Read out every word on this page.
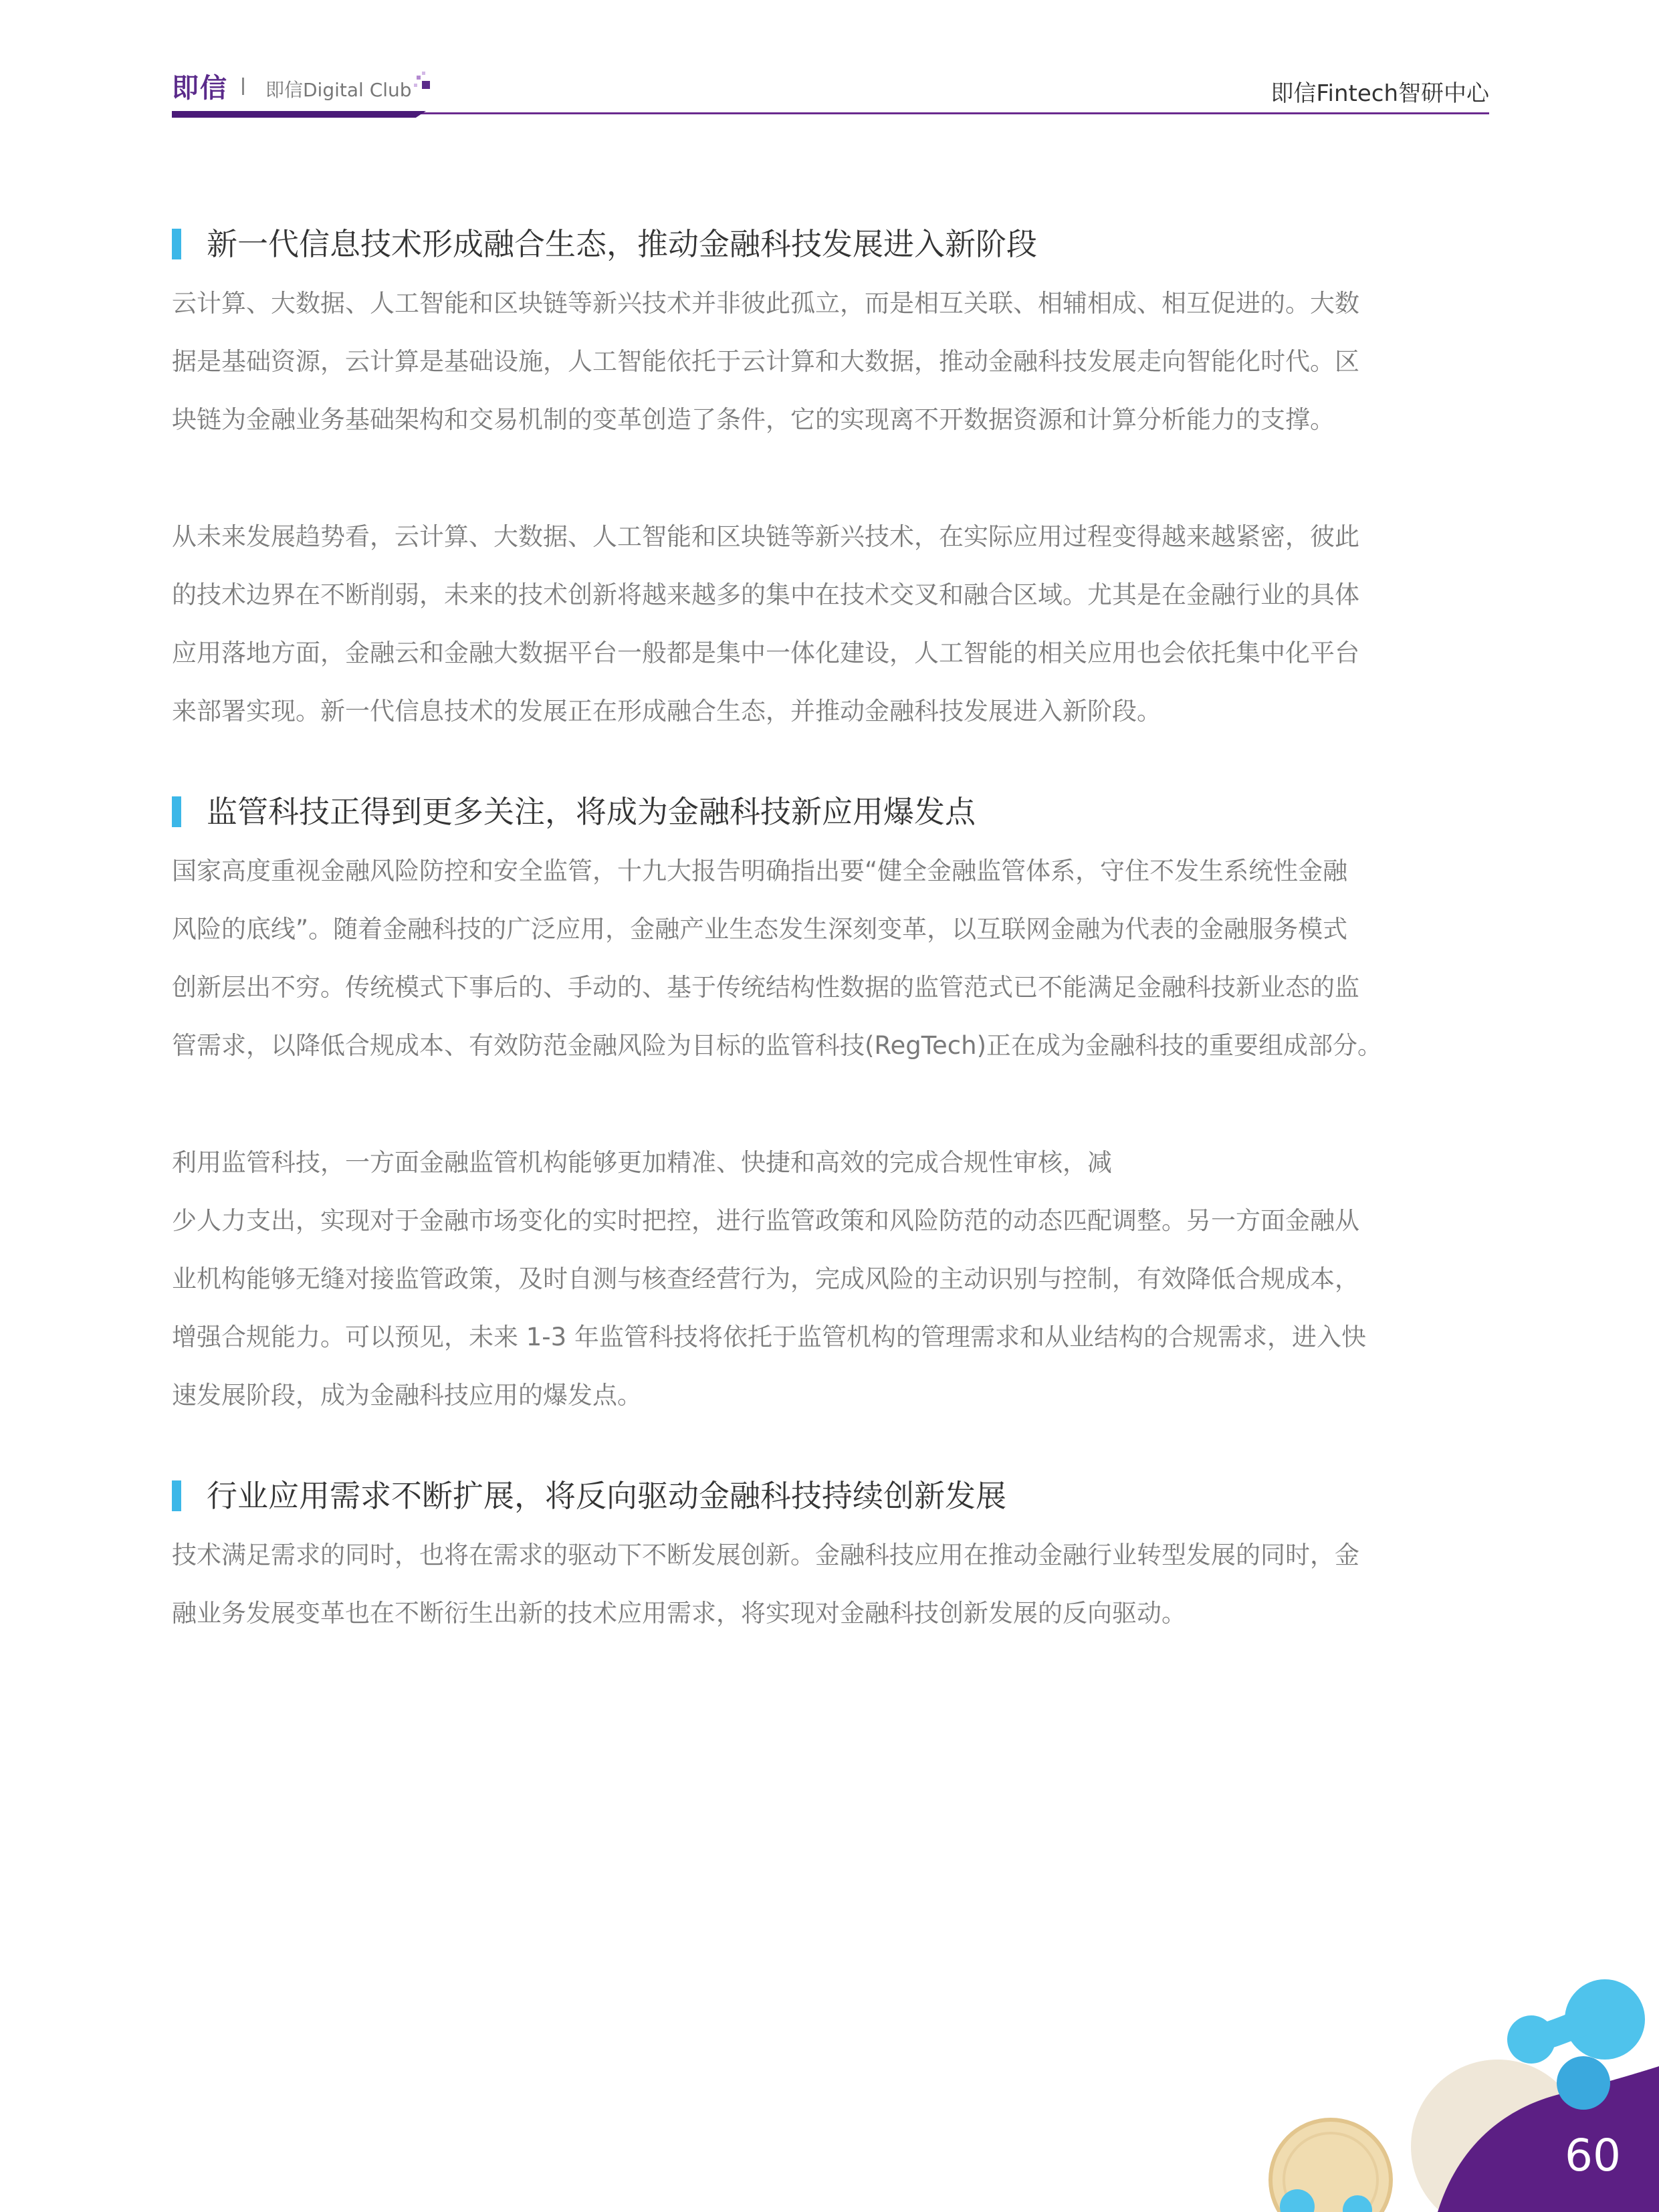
即信 即信Digital Club	即信Fintech智研中心
新一代信息技术形成融合生态，推动金融科技发展进入新阶段
云计算、大数据、人工智能和区块链等新兴技术并非彼此孤立，而是相互关联、相辅相成、相互促进的。大数
据是基础资源，云计算是基础设施，人工智能依托于云计算和大数据，推动金融科技发展走向智能化时代。区
块链为金融业务基础架构和交易机制的变革创造了条件，它的实现离不开数据资源和计算分析能力的支撑。
从未来发展趋势看，云计算、大数据、人工智能和区块链等新兴技术，在实际应用过程变得越来越紧密，彼此
的技术边界在不断削弱，未来的技术创新将越来越多的集中在技术交叉和融合区域。尤其是在金融行业的具体
应用落地方面，金融云和金融大数据平台一般都是集中一体化建设，人工智能的相关应用也会依托集中化平台
来部署实现。新一代信息技术的发展正在形成融合生态，并推动金融科技发展进入新阶段。
监管科技正得到更多关注，将成为金融科技新应用爆发点
国家高度重视金融风险防控和安全监管，十九大报告明确指出要“健全金融监管体系，守住不发生系统性金融
风险的底线”。随着金融科技的广泛应用，金融产业生态发生深刻变革，以互联网金融为代表的金融服务模式
创新层出不穷。传统模式下事后的、手动的、基于传统结构性数据的监管范式已不能满足金融科技新业态的监
管需求，以降低合规成本、有效防范金融风险为目标的监管科技(RegTech)正在成为金融科技的重要组成部分。
利用监管科技，一方面金融监管机构能够更加精准、快捷和高效的完成合规性审核，减
少人力支出，实现对于金融市场变化的实时把控，进行监管政策和风险防范的动态匹配调整。另一方面金融从
业机构能够无缝对接监管政策，及时自测与核查经营行为，完成风险的主动识别与控制，有效降低合规成本，
增强合规能力。可以预见，未来 1-3 年监管科技将依托于监管机构的管理需求和从业结构的合规需求，进入快
速发展阶段，成为金融科技应用的爆发点。
行业应用需求不断扩展，将反向驱动金融科技持续创新发展
技术满足需求的同时，也将在需求的驱动下不断发展创新。金融科技应用在推动金融行业转型发展的同时，金
融业务发展变革也在不断衍生出新的技术应用需求，将实现对金融科技创新发展的反向驱动。
60
